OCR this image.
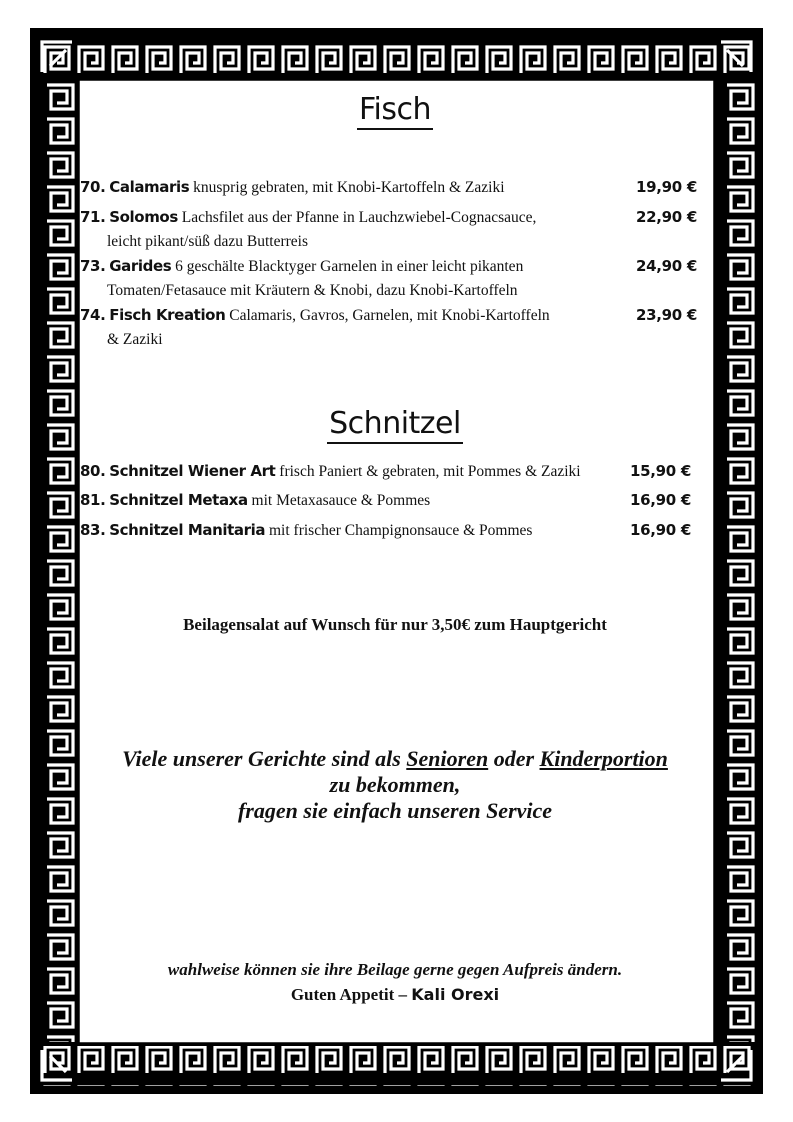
Fisch
70. Calamaris knusprig gebraten, mit Knobi-Kartoffeln & Zaziki	19,90 €
71. Solomos Lachsfilet aus der Pfanne in Lauchzwiebel-Cognacsauce,	22,90 €
leicht pikant/süß dazu Butterreis
73. Garides 6 geschälte Blacktyger Garnelen in einer leicht pikanten	24,90 €
Tomaten/Fetasauce mit Kräutern & Knobi, dazu Knobi-Kartoffeln
74. Fisch Kreation Calamaris, Gavros, Garnelen, mit Knobi-Kartoffeln	23,90 €
& Zaziki
Schnitzel
80. Schnitzel Wiener Art frisch Paniert & gebraten, mit Pommes & Zaziki	15,90 €
81. Schnitzel Metaxa mit Metaxasauce & Pommes	16,90 €
83. Schnitzel Manitaria mit frischer Champignonsauce & Pommes	16,90 €
Beilagensalat auf Wunsch für nur 3,50€ zum Hauptgericht
Viele unserer Gerichte sind als Senioren oder Kinderportion
zu bekommen,
fragen sie einfach unseren Service
wahlweise können sie ihre Beilage gerne gegen Aufpreis ändern.
Guten Appetit – Kali Orexi
